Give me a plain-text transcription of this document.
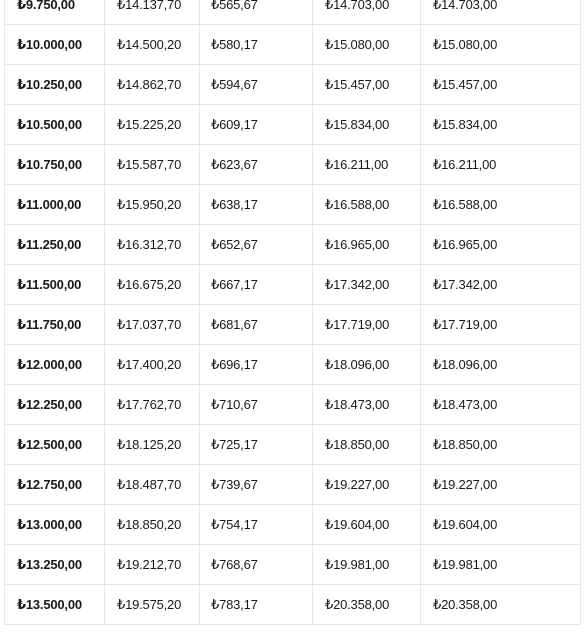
₺9.750,00	₺14.137,70	₺565,67	₺14.703,00	₺14.703,00
₺10.000,00	₺14.500,20	₺580,17	₺15.080,00	₺15.080,00
₺10.250,00	₺14.862,70	₺594,67	₺15.457,00	₺15.457,00
₺10.500,00	₺15.225,20	₺609,17	₺15.834,00	₺15.834,00
₺10.750,00	₺15.587,70	₺623,67	₺16.211,00	₺16.211,00
₺11.000,00	₺15.950,20	₺638,17	₺16.588,00	₺16.588,00
₺11.250,00	₺16.312,70	₺652,67	₺16.965,00	₺16.965,00
₺11.500,00	₺16.675,20	₺667,17	₺17.342,00	₺17.342,00
₺11.750,00	₺17.037,70	₺681,67	₺17.719,00	₺17.719,00
₺12.000,00	₺17.400,20	₺696,17	₺18.096,00	₺18.096,00
₺12.250,00	₺17.762,70	₺710,67	₺18.473,00	₺18.473,00
₺12.500,00	₺18.125,20	₺725,17	₺18.850,00	₺18.850,00
₺12.750,00	₺18.487,70	₺739,67	₺19.227,00	₺19.227,00
₺13.000,00	₺18.850,20	₺754,17	₺19.604,00	₺19.604,00
₺13.250,00	₺19.212,70	₺768,67	₺19.981,00	₺19.981,00
₺13.500,00	₺19.575,20	₺783,17	₺20.358,00	₺20.358,00
